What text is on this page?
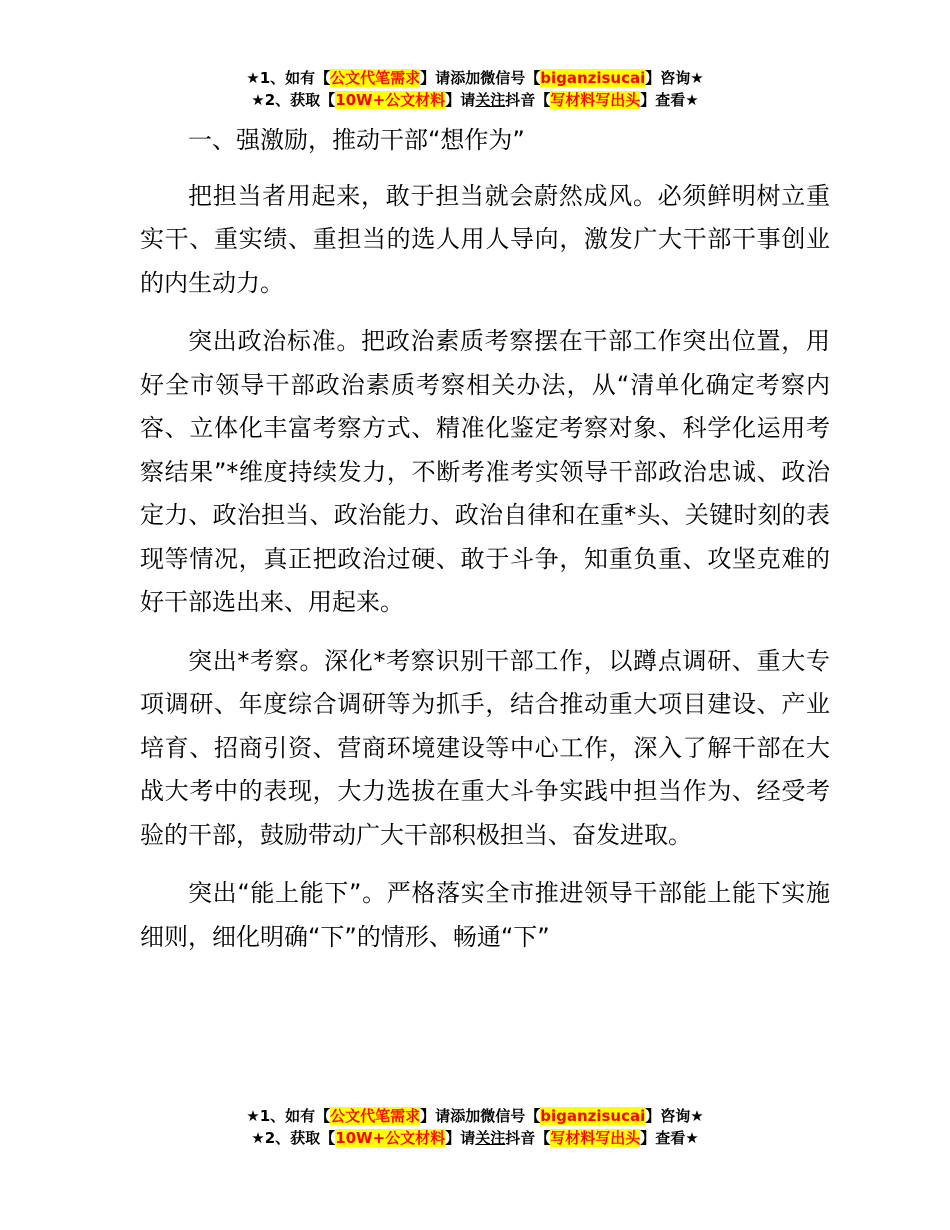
★1、如有【公文代笔需求】请添加微信号【biganzisucai】咨询★
★2、获取【10W+公文材料】请关注抖音【写材料写出头】查看★

一、强激励，推动干部“想作为”

把担当者用起来，敢于担当就会蔚然成风。必须鲜明树立重实干、重实绩、重担当的选人用人导向，激发广大干部干事创业的内生动力。

突出政治标准。把政治素质考察摆在干部工作突出位置，用好全市领导干部政治素质考察相关办法，从“清单化确定考察内容、立体化丰富考察方式、精准化鉴定考察对象、科学化运用考察结果”*维度持续发力，不断考准考实领导干部政治忠诚、政治定力、政治担当、政治能力、政治自律和在重*头、关键时刻的表现等情况，真正把政治过硬、敢于斗争，知重负重、攻坚克难的好干部选出来、用起来。

突出*考察。深化*考察识别干部工作，以蹲点调研、重大专项调研、年度综合调研等为抓手，结合推动重大项目建设、产业培育、招商引资、营商环境建设等中心工作，深入了解干部在大战大考中的表现，大力选拔在重大斗争实践中担当作为、经受考验的干部，鼓励带动广大干部积极担当、奋发进取。

突出“能上能下”。严格落实全市推进领导干部能上能下实施细则，细化明确“下”的情形、畅通“下”

★1、如有【公文代笔需求】请添加微信号【biganzisucai】咨询★
★2、获取【10W+公文材料】请关注抖音【写材料写出头】查看★
